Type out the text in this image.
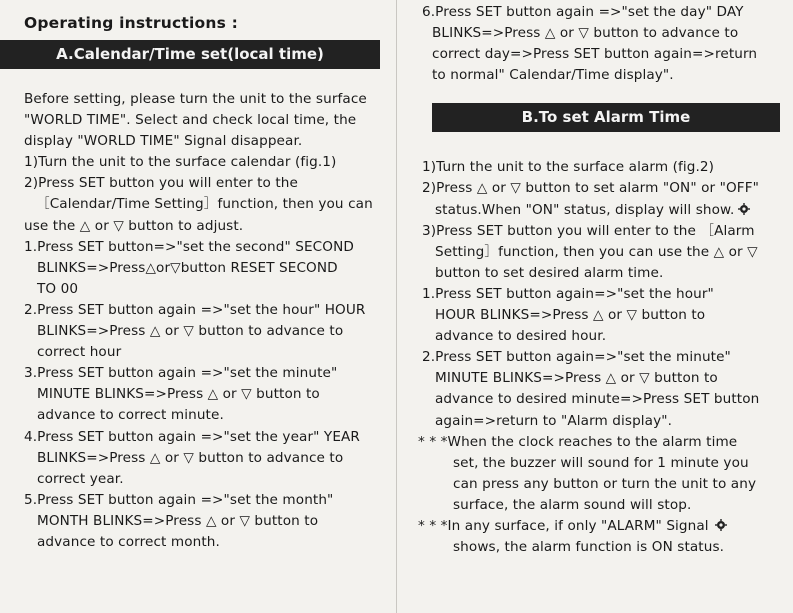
Operating instructions :
A.Calendar/Time set(local time)
Before setting, please turn the unit to the surface
"WORLD TIME". Select and check local time, the
display "WORLD TIME" Signal disappear.
1)Turn the unit to the surface calendar (fig.1)
2)Press SET button you will enter to the
［Calendar/Time Setting］function, then you can
use the △ or ▽ button to adjust.
1.Press SET button=>"set the second" SECOND
BLINKS=>Press△or▽button RESET SECOND
TO 00
2.Press SET button again =>"set the hour" HOUR
BLINKS=>Press △ or ▽ button to advance to
correct hour
3.Press SET button again =>"set the minute"
MINUTE BLINKS=>Press △ or ▽ button to
advance to correct minute.
4.Press SET button again =>"set the year" YEAR
BLINKS=>Press △ or ▽ button to advance to
correct year.
5.Press SET button again =>"set the month"
MONTH BLINKS=>Press △ or ▽ button to
advance to correct month.
6.Press SET button again =>"set the day" DAY
BLINKS=>Press △ or ▽ button to advance to
correct day=>Press SET button again=>return
to normal" Calendar/Time display".
B.To set Alarm Time
1)Turn the unit to the surface alarm (fig.2)
2)Press △ or ▽ button to set alarm "ON" or "OFF"
status.When "ON" status, display will show.
3)Press SET button you will enter to the ［Alarm
Setting］function, then you can use the △ or ▽
button to set desired alarm time.
1.Press SET button again=>"set the hour"
HOUR BLINKS=>Press △ or ▽ button to
advance to desired hour.
2.Press SET button again=>"set the minute"
MINUTE BLINKS=>Press △ or ▽ button to
advance to desired minute=>Press SET button
again=>return to "Alarm display".
* * *When the clock reaches to the alarm time
set, the buzzer will sound for 1 minute you
can press any button or turn the unit to any
surface, the alarm sound will stop.
* * *In any surface, if only "ALARM" Signal
shows, the alarm function is ON status.
